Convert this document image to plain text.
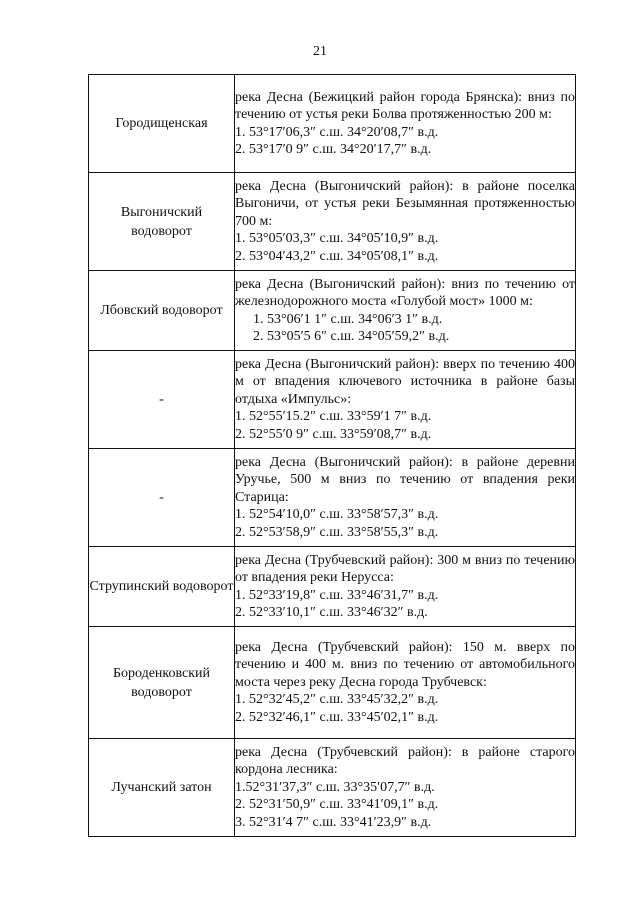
21
Городищенская	река Десна (Бежицкий район города Брянска): вниз по течению от устья реки Болва протяженностью 200 м:
1. 53°17′06,3″ с.ш. 34°20′08,7″ в.д.
2. 53°17′0 9″ с.ш. 34°20′17,7″ в.д.

Выгоничский водоворот	река Десна (Выгоничский район): в районе поселка Выгоничи, от устья реки Безымянная протяженностью 700 м:
1. 53°05′03,3″ с.ш. 34°05′10,9″ в.д.
2. 53°04′43,2″ с.ш. 34°05′08,1″ в.д.

Лбовский водоворот	река Десна (Выгоничский район): вниз по течению от железнодорожного моста «Голубой мост» 1000 м:
1. 53°06′1 1″ с.ш. 34°06′3 1″ в.д.
2. 53°05′5 6″ с.ш. 34°05′59,2″ в.д.

-	река Десна (Выгоничский район): вверх по течению 400 м от впадения ключевого источника в районе базы отдыха «Импульс»:
1. 52°55′15.2″ с.ш. 33°59′1 7″ в.д.
2. 52°55′0 9″ с.ш. 33°59′08,7″ в.д.

-	река Десна (Выгоничский район): в районе деревни Уручье, 500 м вниз по течению от впадения реки Старица:
1. 52°54′10,0″ с.ш. 33°58′57,3″ в.д.
2. 52°53′58,9″ с.ш. 33°58′55,3″ в.д.

Струпинский водоворот	река Десна (Трубчевский район): 300 м вниз по течению от впадения реки Нерусса:
1. 52°33′19,8″ с.ш. 33°46′31,7″ в.д.
2. 52°33′10,1″ с.ш. 33°46′32″ в.д.

Бороденковский водоворот	река Десна (Трубчевский район): 150 м. вверх по течению и 400 м. вниз по течению от автомобильного моста через реку Десна города Трубчевск:
1. 52°32′45,2″ с.ш. 33°45′32,2″ в.д.
2. 52°32′46,1″ с.ш. 33°45′02,1″ в.д.

Лучанский затон	река Десна (Трубчевский район): в районе старого кордона лесника:
1.52°31′37,3″ с.ш. 33°35′07,7″ в.д.
2. 52°31′50,9″ с.ш. 33°41′09,1″ в.д.
3. 52°31′4 7″ с.ш. 33°41′23,9″ в.д.
